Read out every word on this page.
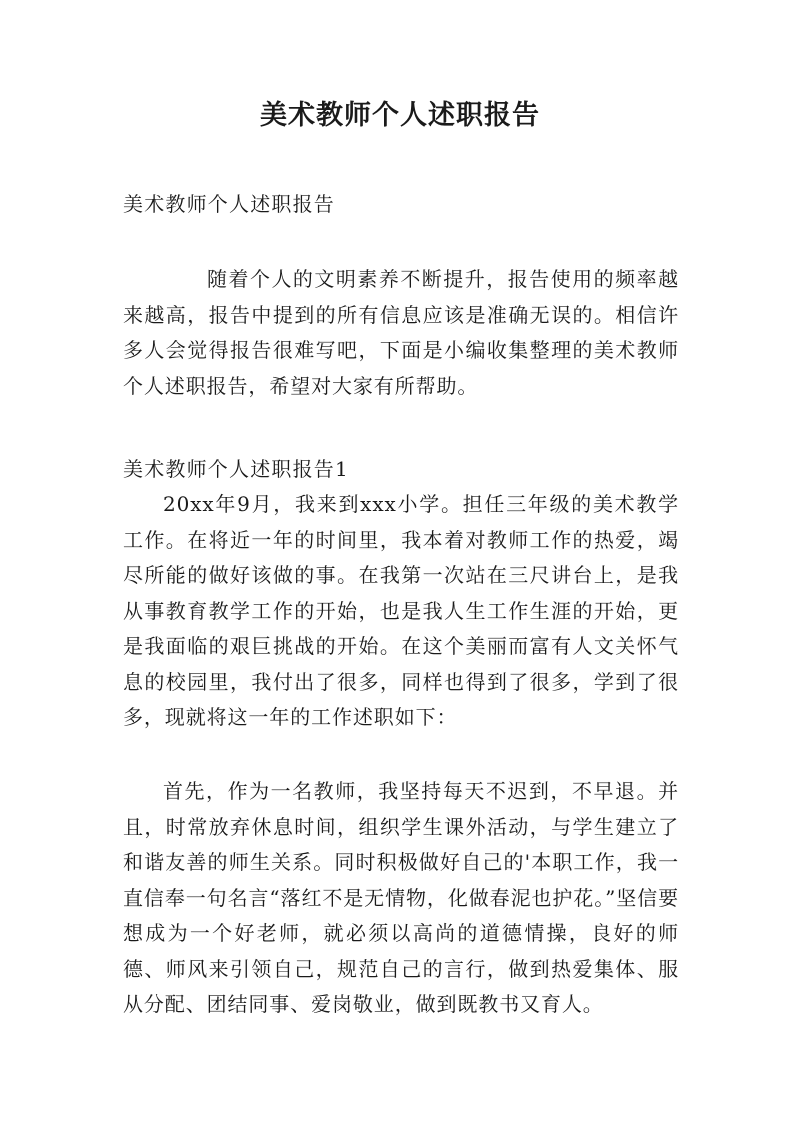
美术教师个人述职报告

美术教师个人述职报告

随着个人的文明素养不断提升，报告使用的频率越来越高，报告中提到的所有信息应该是准确无误的。相信许多人会觉得报告很难写吧，下面是小编收集整理的美术教师个人述职报告，希望对大家有所帮助。

美术教师个人述职报告1

20xx年9月，我来到xxx小学。担任三年级的美术教学工作。在将近一年的时间里，我本着对教师工作的热爱，竭尽所能的做好该做的事。在我第一次站在三尺讲台上，是我从事教育教学工作的开始，也是我人生工作生涯的开始，更是我面临的艰巨挑战的开始。在这个美丽而富有人文关怀气息的校园里，我付出了很多，同样也得到了很多，学到了很多，现就将这一年的工作述职如下：

首先，作为一名教师，我坚持每天不迟到，不早退。并且，时常放弃休息时间，组织学生课外活动，与学生建立了和谐友善的师生关系。同时积极做好自己的'本职工作，我一直信奉一句名言“落红不是无情物，化做春泥也护花。”坚信要想成为一个好老师，就必须以高尚的道德情操，良好的师德、师风来引领自己，规范自己的言行，做到热爱集体、服从分配、团结同事、爱岗敬业，做到既教书又育人。
